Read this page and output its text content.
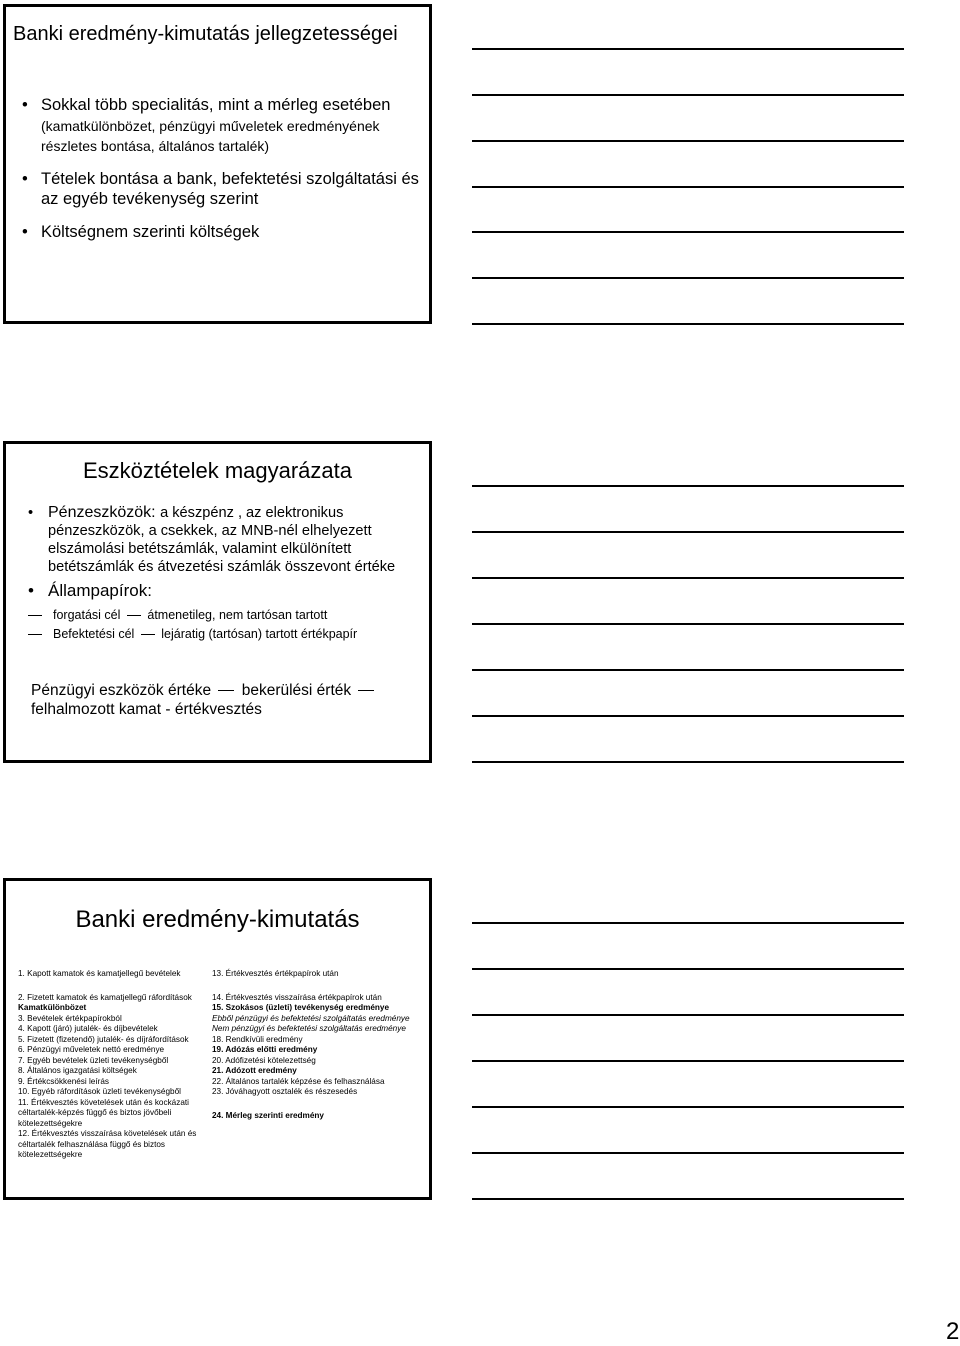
Banki eredmény-kimutatás jellegzetességei
• Sokkal több specialitás, mint a mérleg esetében (kamatkülönbözet, pénzügyi műveletek eredményének részletes bontása, általános tartalék)
• Tételek bontása a bank, befektetési szolgáltatási és az egyéb tevékenység szerint
• Költségnem szerinti költségek
Eszköztételek magyarázata
• Pénzeszközök: a készpénz , az elektronikus pénzeszközök, a csekkek, az MNB-nél elhelyezett elszámolási betétszámlák, valamint elkülönített betétszámlák és átvezetési számlák összevont értéke
• Állampapírok:
forgatási cél átmenetileg, nem tartósan tartott
Befektetési cél lejáratig (tartósan) tartott értékpapír
Pénzügyi eszközök értéke bekerülési érték  felhalmozott kamat - értékvesztés
Banki eredmény-kimutatás
1. Kapott kamatok és kamatjellegű bevételek
2. Fizetett kamatok és kamatjellegű ráfordítások
Kamatkülönbözet
3. Bevételek értékpapírokból
4. Kapott (járó) jutalék- és díjbevételek
5. Fizetett (fizetendő) jutalék- és díjráfordítások
6. Pénzügyi műveletek nettó eredménye
7. Egyéb bevételek üzleti tevékenységből
8. Általános igazgatási költségek
9. Értékcsökkenési leírás
10. Egyéb ráfordítások üzleti tevékenységből
11. Értékvesztés követelések után és kockázati céltartalék-képzés függő és biztos jövőbeli kötelezettségekre
12. Értékvesztés visszaírása követelések után és céltartalék felhasználása függő és biztos kötelezettségekre
13. Értékvesztés értékpapírok után
14. Értékvesztés visszaírása értékpapírok után
15. Szokásos (üzleti) tevékenység eredménye
Ebből pénzügyi és befektetési szolgáltatás eredménye
Nem pénzügyi és befektetési szolgáltatás eredménye
18. Rendkívüli eredmény
19. Adózás előtti eredmény
20. Adófizetési kötelezettség
21. Adózott eredmény
22. Általános tartalék képzése és felhasználása
23. Jóváhagyott osztalék és részesedés
24. Mérleg szerinti eredmény
2
